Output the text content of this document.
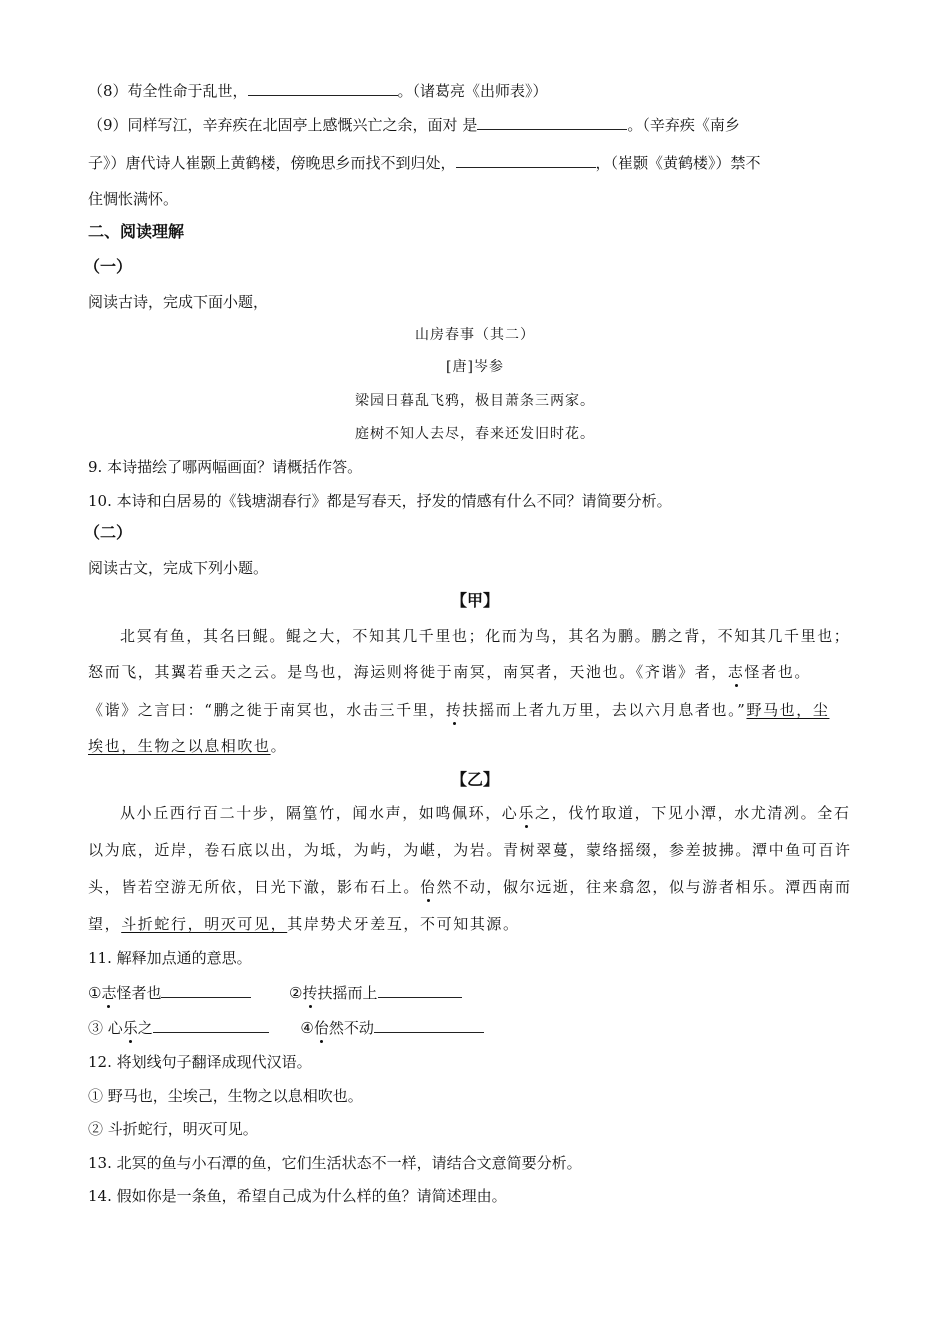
（8）苟全性命于乱世，	。（诸葛亮《出师表》）
（9）同样写江，辛弃疾在北固亭上感慨兴亡之余，面对 是	。（辛弃疾《南乡
子》）唐代诗人崔颢上黄鹤楼，傍晚思乡而找不到归处，	，（崔颢《黄鹤楼》）禁不
住惆怅满怀。
二、阅读理解
（一）
阅读古诗，完成下面小题，
山房春事（其二）
[唐]岑参
梁园日暮乱飞鸦，极目萧条三两家。
庭树不知人去尽，春来还发旧时花。
9. 本诗描绘了哪两幅画面？请概括作答。
10. 本诗和白居易的《钱塘湖春行》都是写春天，抒发的情感有什么不同？请简要分析。
（二）
阅读古文，完成下列小题。
【甲】
北冥有鱼，其名曰鲲。鲲之大，不知其几千里也；化而为鸟，其名为鹏。鹏之背，不知其几千里也；
怒而飞，其翼若垂天之云。是鸟也，海运则将徙于南冥，南冥者，天池也。《齐谐》者，志怪者也。
《谐》之言曰：“鹏之徙于南冥也，水击三千里，抟扶摇而上者九万里，去以六月息者也。”野马也，尘
埃也，生物之以息相吹也。
【乙】
从小丘西行百二十步，隔篁竹，闻水声，如鸣佩环，心乐之，伐竹取道，下见小潭，水尤清冽。全石
以为底，近岸，卷石底以出，为坻，为屿，为嵁，为岩。青树翠蔓，蒙络摇缀，参差披拂。潭中鱼可百许
头，皆若空游无所依，日光下澈，影布石上。佁然不动，俶尔远逝，往来翕忽，似与游者相乐。潭西南而
望，斗折蛇行，明灭可见，其岸势犬牙差互，不可知其源。
11. 解释加点通的意思。
①志怪者也	②抟扶摇而上
③ 心乐之	④佁然不动
12. 将划线句子翻译成现代汉语。
① 野马也，尘埃己，生物之以息相吹也。
② 斗折蛇行，明灭可见。
13. 北冥的鱼与小石潭的鱼，它们生活状态不一样，请结合文意简要分析。
14. 假如你是一条鱼，希望自己成为什么样的鱼？请简述理由。
